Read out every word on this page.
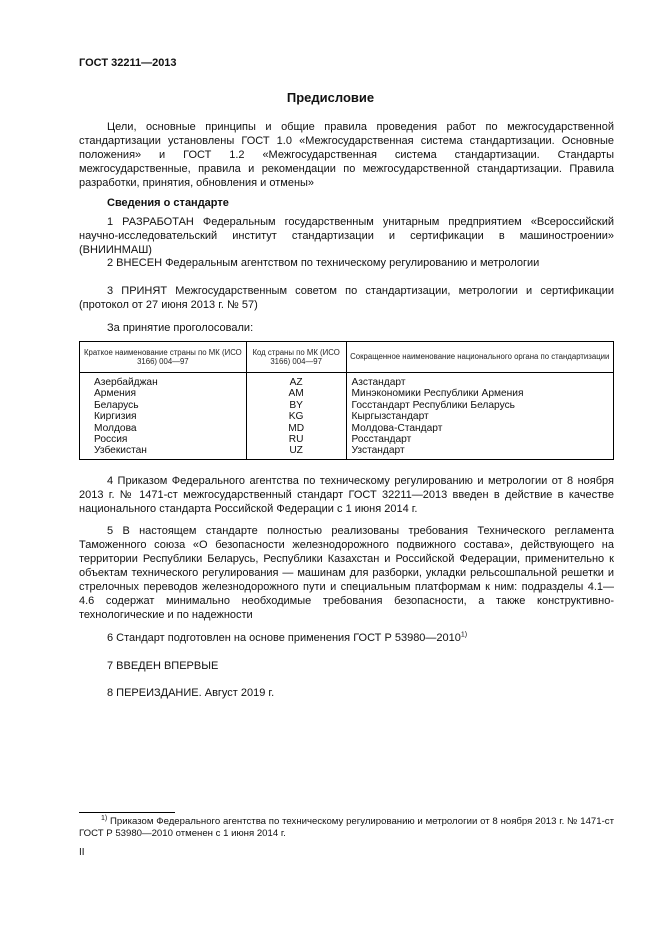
ГОСТ 32211—2013
Предисловие

Цели, основные принципы и общие правила проведения работ по межгосударственной стандартизации установлены ГОСТ 1.0 «Межгосударственная система стандартизации. Основные положения» и ГОСТ 1.2 «Межгосударственная система стандартизации. Стандарты межгосударственные, правила и рекомендации по межгосударственной стандартизации. Правила разработки, принятия, обновления и отмены»

Сведения о стандарте

1 РАЗРАБОТАН Федеральным государственным унитарным предприятием «Всероссийский научно-исследовательский институт стандартизации и сертификации в машиностроении» (ВНИИНМАШ)

2 ВНЕСЕН Федеральным агентством по техническому регулированию и метрологии

3 ПРИНЯТ Межгосударственным советом по стандартизации, метрологии и сертификации (протокол от 27 июня 2013 г. № 57)

За принятие проголосовали:

Краткое наименование страны по МК (ИСО 3166) 004—97	Код страны по МК (ИСО 3166) 004—97	Сокращенное наименование национального органа по стандартизации
Азербайджан	AZ	Азстандарт
Армения	AM	Минэкономики Республики Армения
Беларусь	BY	Госстандарт Республики Беларусь
Киргизия	KG	Кыргызстандарт
Молдова	MD	Молдова-Стандарт
Россия	RU	Росстандарт
Узбекистан	UZ	Узстандарт

4 Приказом Федерального агентства по техническому регулированию и метрологии от 8 ноября 2013 г. № 1471-ст межгосударственный стандарт ГОСТ 32211—2013 введен в действие в качестве национального стандарта Российской Федерации с 1 июня 2014 г.

5 В настоящем стандарте полностью реализованы требования Технического регламента Таможенного союза «О безопасности железнодорожного подвижного состава», действующего на территории Республики Беларусь, Республики Казахстан и Российской Федерации, применительно к объектам технического регулирования — машинам для разборки, укладки рельсошпальной решетки и стрелочных переводов железнодорожного пути и специальным платформам к ним: подразделы 4.1—4.6 содержат минимально необходимые требования безопасности, а также конструктивно-технологические и по надежности

6 Стандарт подготовлен на основе применения ГОСТ Р 53980—2010$^{1)}$

7 ВВЕДЕН ВПЕРВЫЕ

8 ПЕРЕИЗДАНИЕ. Август 2019 г.

$^{1)}$ Приказом Федерального агентства по техническому регулированию и метрологии от 8 ноября 2013 г. № 1471-ст ГОСТ Р 53980—2010 отменен с 1 июня 2014 г.

II
